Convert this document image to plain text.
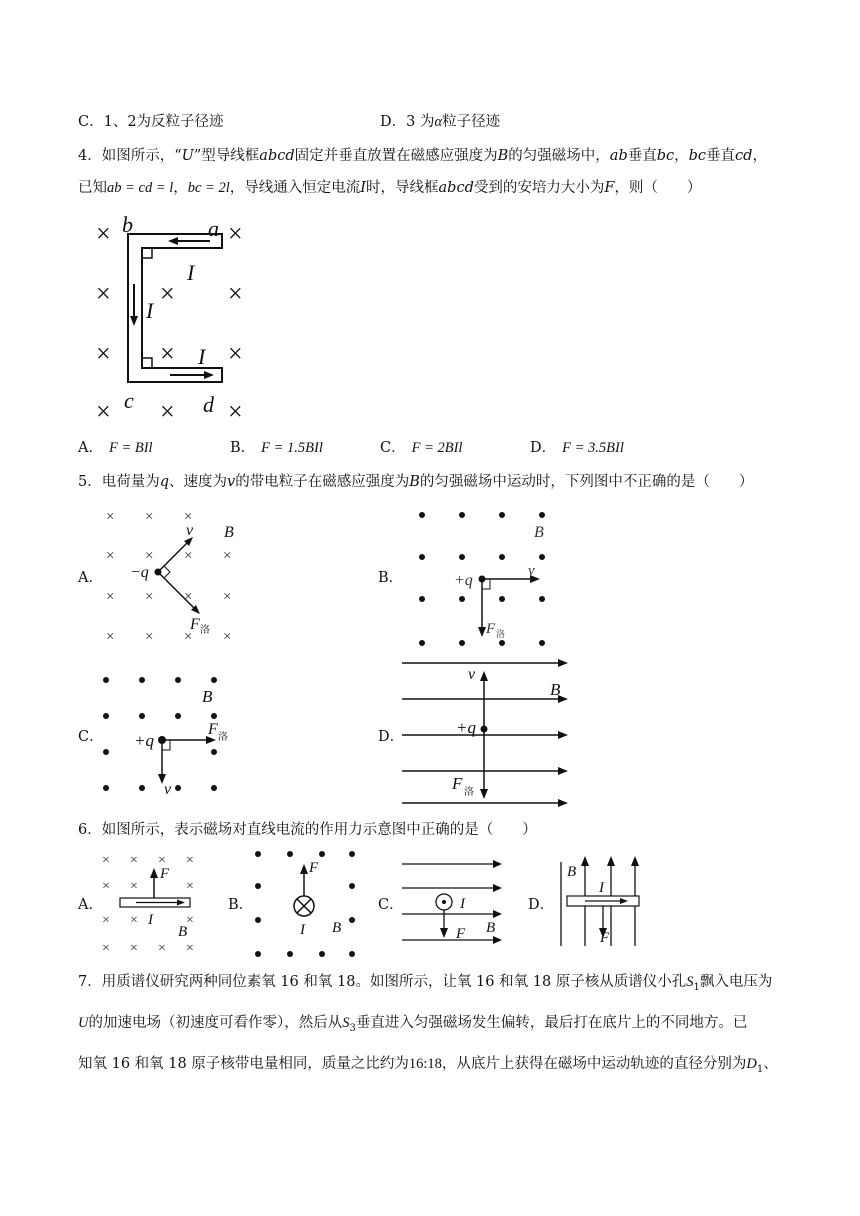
C．1、2为反粒子径迹	D．3 为α粒子径迹
4．如图所示，“U”型导线框abcd固定并垂直放置在磁感应强度为B的匀强磁场中，ab垂直bc，bc垂直cd，
已知ab = cd = l，bc = 2l，导线通入恒定电流I时，导线框abcd受到的安培力大小为F，则（　　）
×	×
× × ×
× × ×
× × ×
b	a
I
I
I
c	d
A． F = BIl	B． F = 1.5BIl	C． F = 2BIl	D． F = 3.5BIl
5．电荷量为q、速度为v的带电粒子在磁感应强度为B的匀强磁场中运动时，下列图中不正确的是（　　）
A．	B．
C．	D．
× × ×
× × × ×
× × × ×
× × × ×
v B
−q
F 洛
B
+q
v
F 洛
B
+q
F
v
洛
v
B
+q
F 洛
6．如图所示，表示磁场对直线电流的作用力示意图中正确的是（　　）
A．	B．	C．	D．
× × × ×
× ×	×
× ×	×
× × × ×
F
I
B
F
I B
I
F B
B
I
F
7．用质谱仪研究两种同位素氧 16 和氧 18。如图所示，让氧 16 和氧 18 原子核从质谱仪小孔$S_1$飘入电压为
U的加速电场（初速度可看作零），然后从$S_3$垂直进入匀强磁场发生偏转，最后打在底片上的不同地方。已
知氧 16 和氧 18 原子核带电量相同，质量之比约为16:18，从底片上获得在磁场中运动轨迹的直径分别为$D_1$、
